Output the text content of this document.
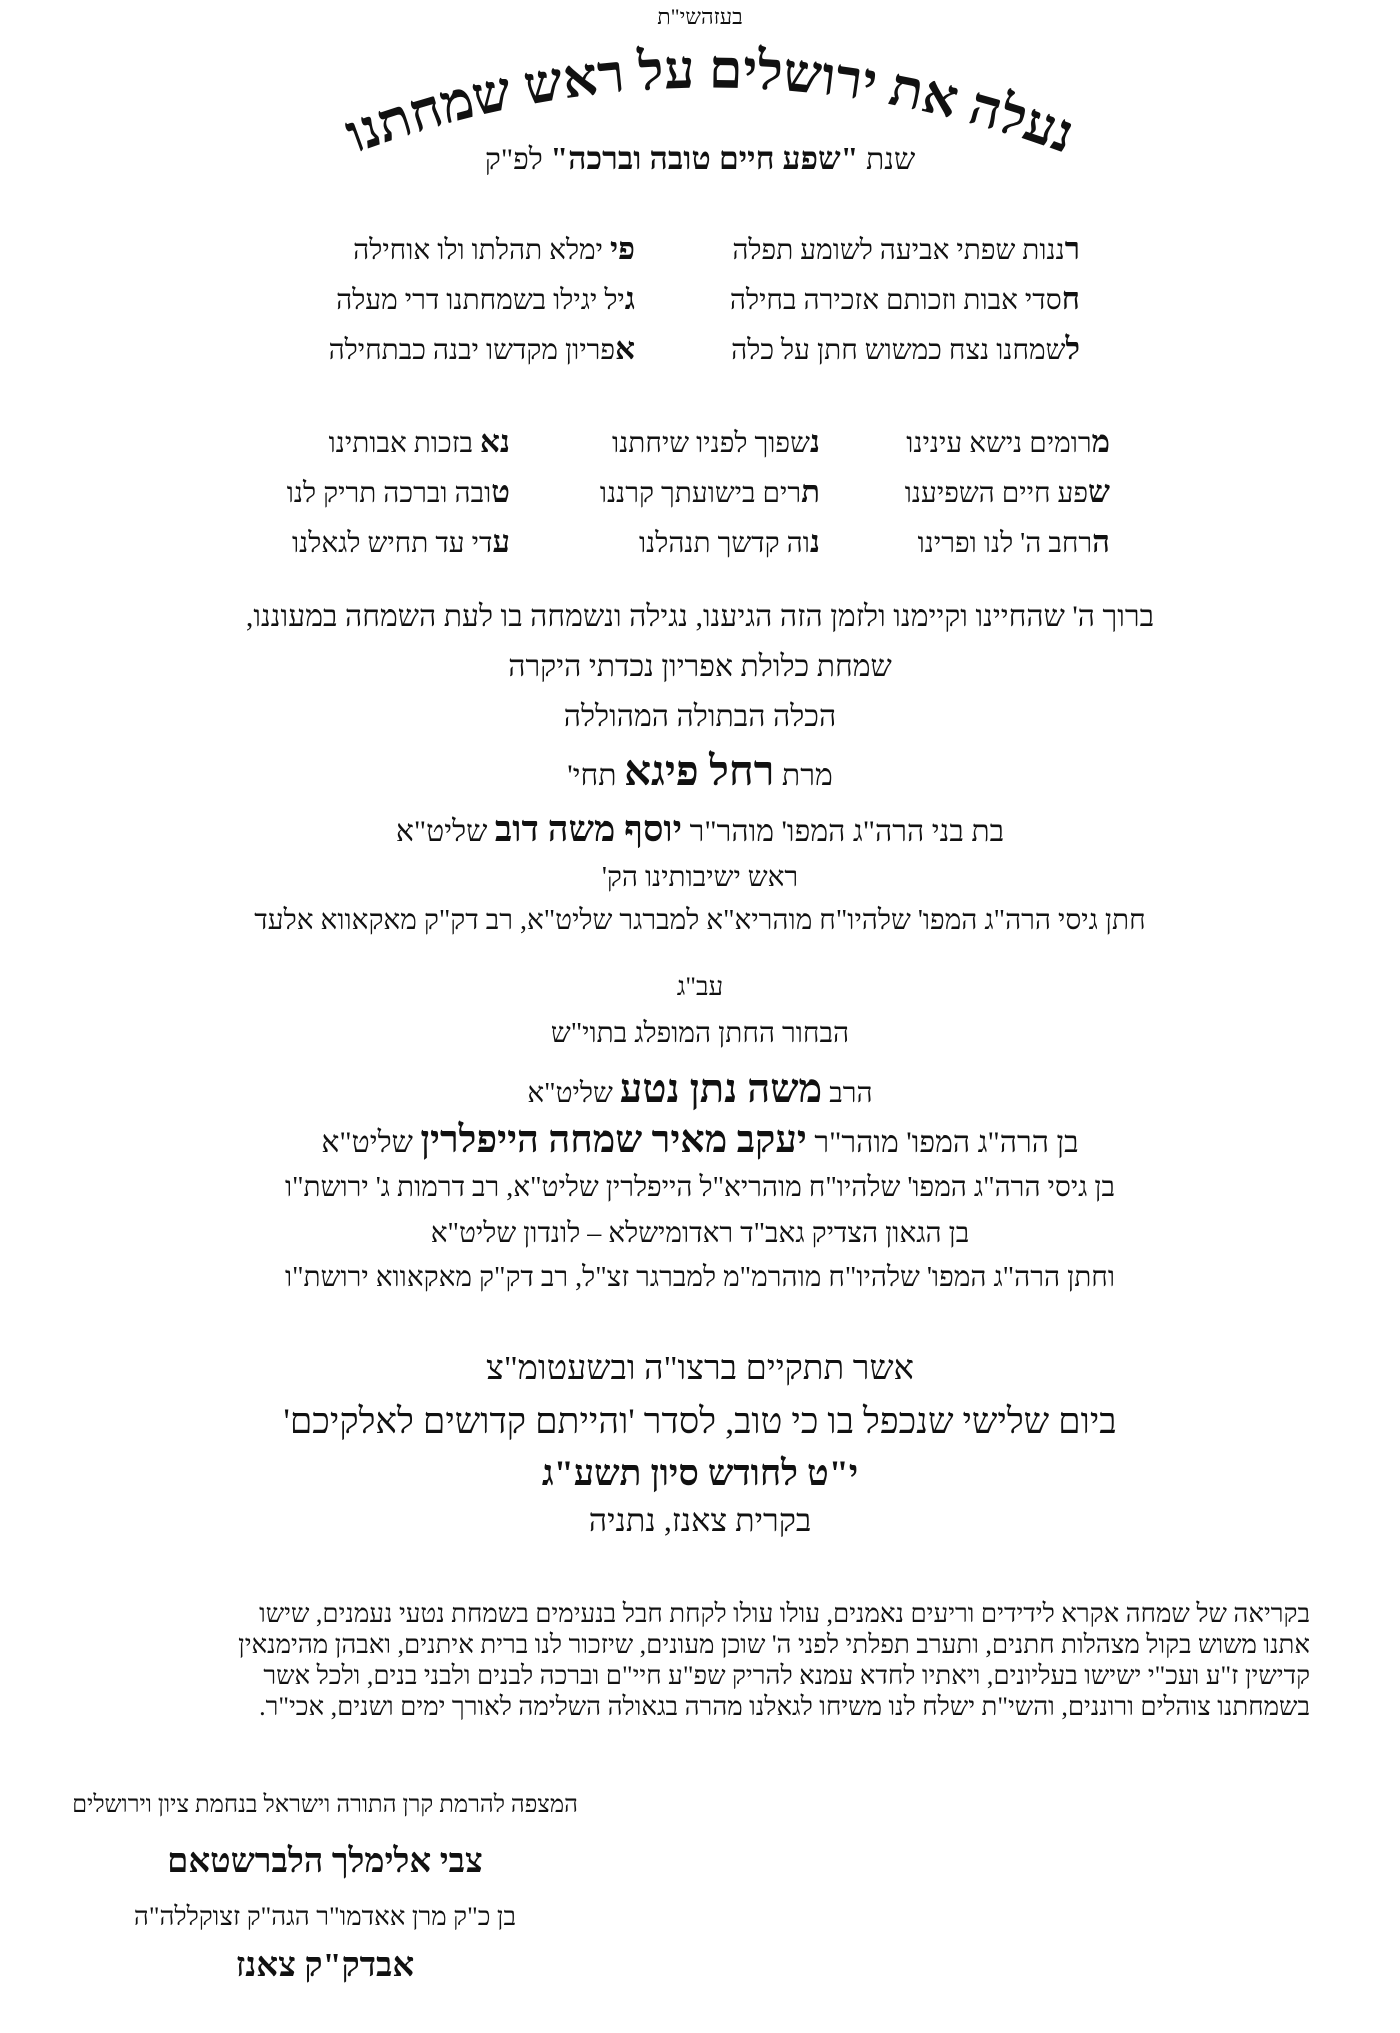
בעזהשי"ת
נעלה את ירושלים על ראש שמחתנו
שנת "שפע חיים טובה וברכה" לפ"ק
רננות שפתי אביעה לשומע תפלה
חסדי אבות וזכותם אזכירה בחילה
לשמחנו נצח כמשוש חתן על כלה
פי ימלא תהלתו ולו אוחילה
גיל יגילו בשמחתנו דרי מעלה
אפריון מקדשו יבנה כבתחילה
מרומים נישא עינינו
שפע חיים השפיענו
הרחב ה' לנו ופרינו
נשפוך לפניו שיחתנו
תרים בישועתך קרננו
נוה קדשך תנהלנו
נא בזכות אבותינו
טובה וברכה תריק לנו
עדי עד תחיש לגאלנו
ברוך ה' שהחיינו וקיימנו ולזמן הזה הגיענו, נגילה ונשמחה בו לעת השמחה במעוננו,
שמחת כלולת אפריון נכדתי היקרה
הכלה הבתולה המהוללה
מרת רחל פיגא תחי'
בת בני הרה"ג המפו' מוהר"ר יוסף משה דוב שליט"א
ראש ישיבותינו הק'
חתן גיסי הרה"ג המפו' שלהיו"ח מוהריא"א למברגר שליט"א, רב דק"ק מאקאווא אלעד
עב"ג
הבחור החתן המופלג בתוי"ש
הרב משה נתן נטע שליט"א
בן הרה"ג המפו' מוהר"ר יעקב מאיר שמחה הייפלרין שליט"א
בן גיסי הרה"ג המפו' שלהיו"ח מוהריא"ל הייפלרין שליט"א, רב דרמות ג' ירושת"ו
בן הגאון הצדיק גאב"ד ראדומישלא – לונדון שליט"א
וחתן הרה"ג המפו' שלהיו"ח מוהרמ"מ למברגר זצ"ל, רב דק"ק מאקאווא ירושת"ו
אשר תתקיים ברצו"ה ובשעטומ"צ
ביום שלישי שנכפל בו כי טוב, לסדר 'והייתם קדושים לאלקיכם'
י"ט לחודש סיון תשע"ג
בקרית צאנז, נתניה
בקריאה של שמחה אקרא לידידים וריעים נאמנים, עולו עולו לקחת חבל בנעימים בשמחת נטעי נעמנים, שישו
אתנו משוש בקול מצהלות חתנים, ותערב תפלתי לפני ה' שוכן מעונים, שיזכור לנו ברית איתנים, ואבהן מהימנאין
קדישין ז"ע ועכ"י ישישו בעליונים, ויאתיו לחדא עמנא להריק שפ"ע חיי"ם וברכה לבנים ולבני בנים, ולכל אשר
בשמחתנו צוהלים ורוננים, והשי"ת ישלח לנו משיחו לגאלנו מהרה בגאולה השלימה לאורך ימים ושנים, אכי"ר.
המצפה להרמת קרן התורה וישראל בנחמת ציון וירושלים
צבי אלימלך הלברשטאם
בן כ"ק מרן אאדמו"ר הגה"ק זצוקללה"ה
אבדק"ק צאנז
